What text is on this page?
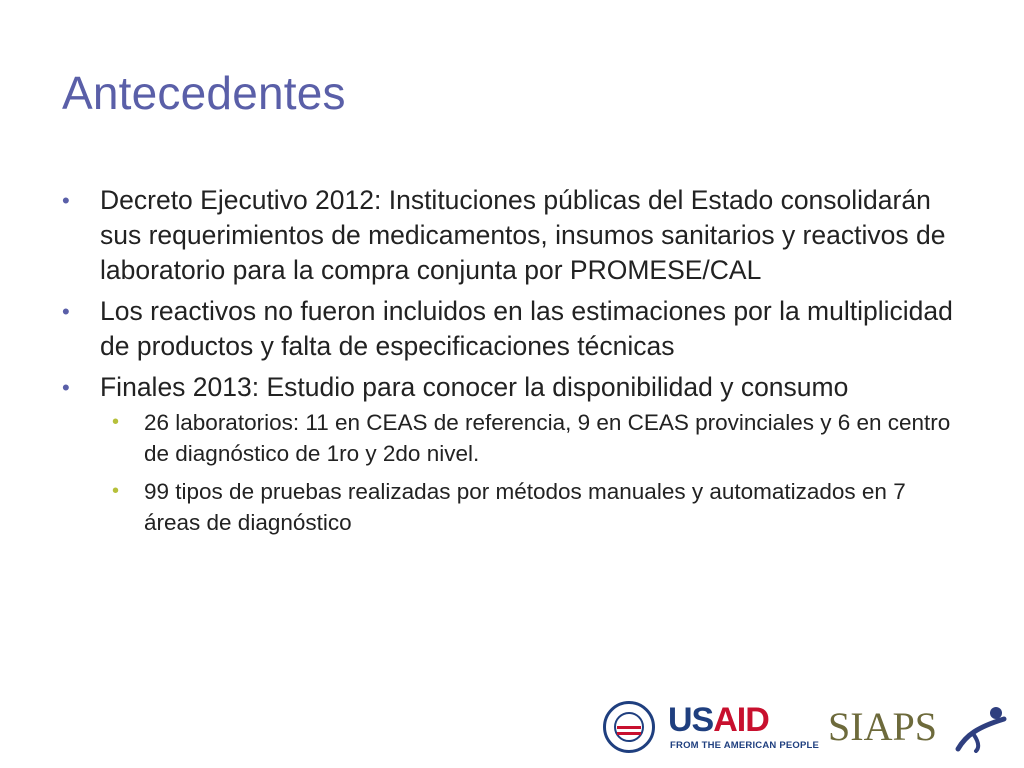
Antecedentes
• Decreto Ejecutivo 2012: Instituciones públicas del Estado consolidarán sus requerimientos de medicamentos, insumos sanitarios y reactivos de laboratorio para la compra conjunta por PROMESE/CAL
• Los reactivos no fueron incluidos en las estimaciones por la multiplicidad de productos y falta de especificaciones técnicas
• Finales 2013: Estudio para conocer la disponibilidad y consumo
• 26 laboratorios: 11 en CEAS de referencia, 9 en CEAS provinciales y 6 en centro de diagnóstico de 1ro y 2do nivel.
• 99 tipos de pruebas realizadas por métodos manuales y automatizados en 7 áreas de diagnóstico
USAID
FROM THE AMERICAN PEOPLE SIAPS
